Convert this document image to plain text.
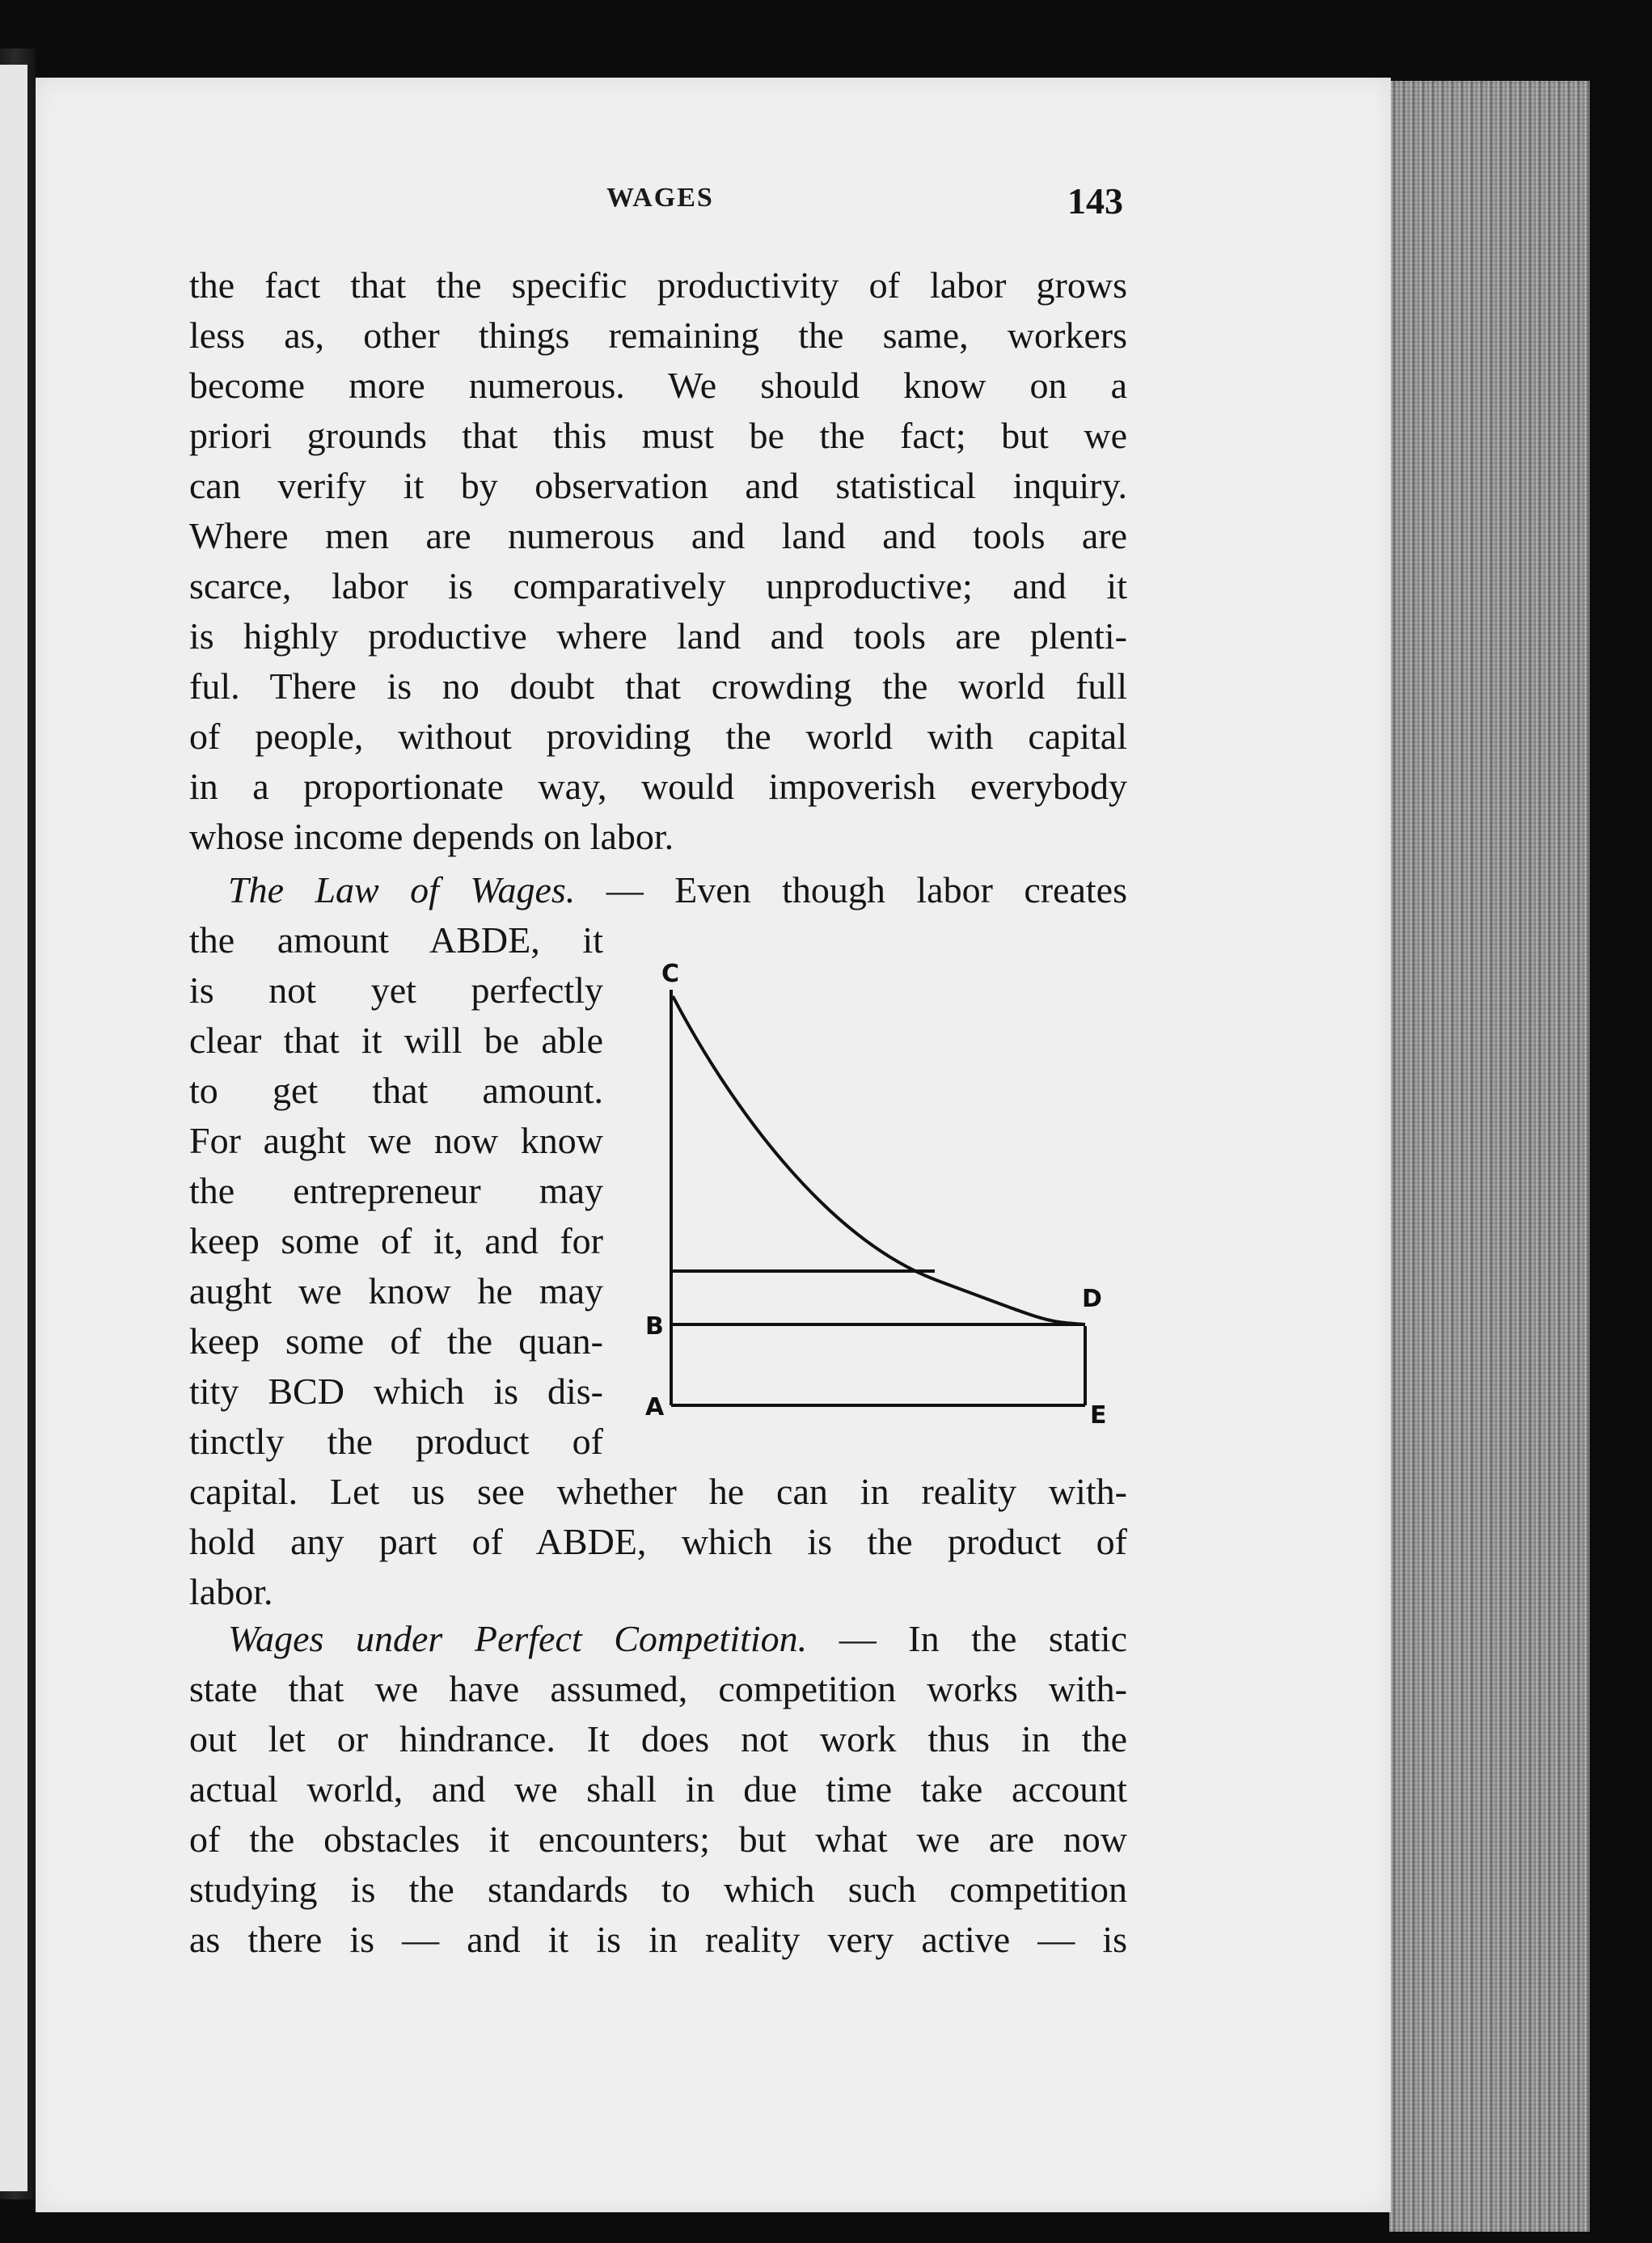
WAGES	143
the fact that the specific productivity of labor grows
less as, other things remaining the same, workers
become more numerous. We should know on a
priori grounds that this must be the fact; but we
can verify it by observation and statistical inquiry.
Where men are numerous and land and tools are
scarce, labor is comparatively unproductive; and it
is highly productive where land and tools are plenti-
ful. There is no doubt that crowding the world full
of people, without providing the world with capital
in a proportionate way, would impoverish everybody
whose income depends on labor.
The Law of Wages. — Even though labor creates
the amount ABDE, it
is not yet perfectly
clear that it will be able
to get that amount.
For aught we now know
the entrepreneur may
keep some of it, and for
aught we know he may
keep some of the quan-
tity BCD which is dis-
tinctly the product of
capital. Let us see whether he can in reality with-
hold any part of ABDE, which is the product of
labor.
C
B
A
D
E
Wages under Perfect Competition. — In the static
state that we have assumed, competition works with-
out let or hindrance. It does not work thus in the
actual world, and we shall in due time take account
of the obstacles it encounters; but what we are now
studying is the standards to which such competition
as there is — and it is in reality very active — is
